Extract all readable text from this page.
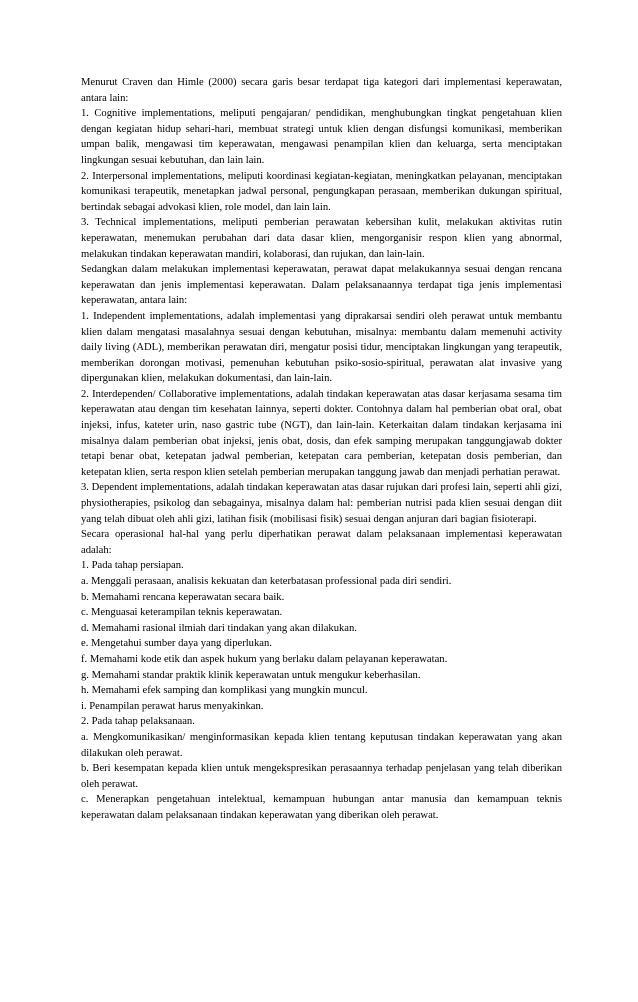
Menurut Craven dan Himle (2000) secara garis besar terdapat tiga kategori dari implementasi keperawatan, antara lain:

1. Cognitive implementations, meliputi pengajaran/ pendidikan, menghubungkan tingkat pengetahuan klien dengan kegiatan hidup sehari-hari, membuat strategi untuk klien dengan disfungsi komunikasi, memberikan umpan balik, mengawasi tim keperawatan, mengawasi penampilan klien dan keluarga, serta menciptakan lingkungan sesuai kebutuhan, dan lain lain.

2. Interpersonal implementations, meliputi koordinasi kegiatan-kegiatan, meningkatkan pelayanan, menciptakan komunikasi terapeutik, menetapkan jadwal personal, pengungkapan perasaan, memberikan dukungan spiritual, bertindak sebagai advokasi klien, role model, dan lain lain.

3. Technical implementations, meliputi pemberian perawatan kebersihan kulit, melakukan aktivitas rutin keperawatan, menemukan perubahan dari data dasar klien, mengorganisir respon klien yang abnormal, melakukan tindakan keperawatan mandiri, kolaborasi, dan rujukan, dan lain-lain.

Sedangkan dalam melakukan implementasi keperawatan, perawat dapat melakukannya sesuai dengan rencana keperawatan dan jenis implementasi keperawatan. Dalam pelaksanaannya terdapat tiga jenis implementasi keperawatan, antara lain:

1. Independent implementations, adalah implementasi yang diprakarsai sendiri oleh perawat untuk membantu klien dalam mengatasi masalahnya sesuai dengan kebutuhan, misalnya: membantu dalam memenuhi activity daily living (ADL), memberikan perawatan diri, mengatur posisi tidur, menciptakan lingkungan yang terapeutik, memberikan dorongan motivasi, pemenuhan kebutuhan psiko-sosio-spiritual, perawatan alat invasive yang dipergunakan klien, melakukan dokumentasi, dan lain-lain.

2. Interdependen/ Collaborative implementations, adalah tindakan keperawatan atas dasar kerjasama sesama tim keperawatan atau dengan tim kesehatan lainnya, seperti dokter. Contohnya dalam hal pemberian obat oral, obat injeksi, infus, kateter urin, naso gastric tube (NGT), dan lain-lain. Keterkaitan dalam tindakan kerjasama ini misalnya dalam pemberian obat injeksi, jenis obat, dosis, dan efek samping merupakan tanggungjawab dokter tetapi benar obat, ketepatan jadwal pemberian, ketepatan cara pemberian, ketepatan dosis pemberian, dan ketepatan klien, serta respon klien setelah pemberian merupakan tanggung jawab dan menjadi perhatian perawat.

3. Dependent implementations, adalah tindakan keperawatan atas dasar rujukan dari profesi lain, seperti ahli gizi, physiotherapies, psikolog dan sebagainya, misalnya dalam hal: pemberian nutrisi pada klien sesuai dengan diit yang telah dibuat oleh ahli gizi, latihan fisik (mobilisasi fisik) sesuai dengan anjuran dari bagian fisioterapi.

Secara operasional hal-hal yang perlu diperhatikan perawat dalam pelaksanaan implementasi keperawatan adalah:

1. Pada tahap persiapan.

a. Menggali perasaan, analisis kekuatan dan keterbatasan professional pada diri sendiri.

b. Memahami rencana keperawatan secara baik.

c. Menguasai keterampilan teknis keperawatan.

d. Memahami rasional ilmiah dari tindakan yang akan dilakukan.

e. Mengetahui sumber daya yang diperlukan.

f. Memahami kode etik dan aspek hukum yang berlaku dalam pelayanan keperawatan.

g. Memahami standar praktik klinik keperawatan untuk mengukur keberhasilan.

h. Memahami efek samping dan komplikasi yang mungkin muncul.

i. Penampilan perawat harus menyakinkan.

2. Pada tahap pelaksanaan.

a. Mengkomunikasikan/ menginformasikan kepada klien tentang keputusan tindakan keperawatan yang akan dilakukan oleh perawat.

b. Beri kesempatan kepada klien untuk mengekspresikan perasaannya terhadap penjelasan yang telah diberikan oleh perawat.

c. Menerapkan pengetahuan intelektual, kemampuan hubungan antar manusia dan kemampuan teknis keperawatan dalam pelaksanaan tindakan keperawatan yang diberikan oleh perawat.
